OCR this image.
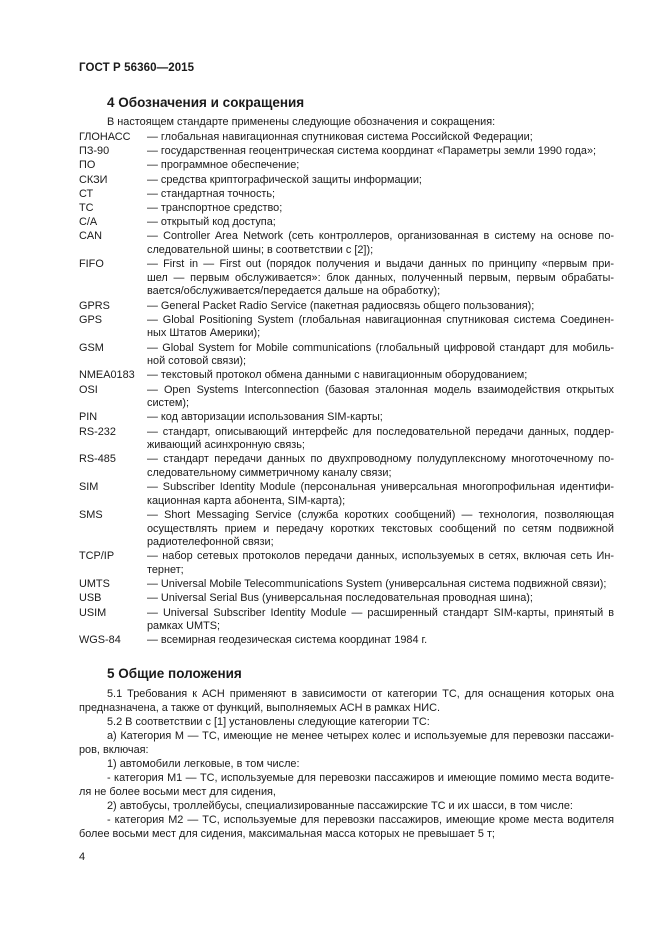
ГОСТ Р 56360—2015
4 Обозначения и сокращения
В настоящем стандарте применены следующие обозначения и сокращения:
ГЛОНАСС — глобальная навигационная спутниковая система Российской Федерации;
ПЗ-90	— государственная геоцентрическая система координат «Параметры земли 1990 года»;
ПО	— программное обеспечение;
СКЗИ	— средства криптографической защиты информации;
СТ	— стандартная точность;
ТС	— транспортное средство;
C/A	— открытый код доступа;
CAN	— Controller Area Network (сеть контроллеров, организованная в систему на основе по-
следовательной шины; в соответствии с [2]);
FIFO	— First in — First out (порядок получения и выдачи данных по принципу «первым при-
шел — первым обслуживается»: блок данных, полученный первым, первым обрабаты-
вается/обслуживается/передается дальше на обработку);
GPRS	— General Packet Radio Service (пакетная радиосвязь общего пользования);
GPS	— Global Positioning System (глобальная навигационная спутниковая система Соединен-
ных Штатов Америки);
GSM	— Global System for Mobile communications (глобальный цифровой стандарт для мобиль-
ной сотовой связи);
NMEA0183 — текстовый протокол обмена данными с навигационным оборудованием;
OSI	— Open Systems Interconnection (базовая эталонная модель взаимодействия открытых
систем);
PIN	— код авторизации использования SIM-карты;
RS-232	— стандарт, описывающий интерфейс для последовательной передачи данных, поддер-
живающий асинхронную связь;
RS-485	— стандарт передачи данных по двухпроводному полудуплексному многоточечному по-
следовательному симметричному каналу связи;
SIM	— Subscriber Identity Module (персональная универсальная многопрофильная идентифи-
кационная карта абонента, SIM-карта);
SMS	— Short Messaging Service (служба коротких сообщений) — технология, позволяющая
осуществлять прием и передачу коротких текстовых сообщений по сетям подвижной
радиотелефонной связи;
TCP/IP	— набор сетевых протоколов передачи данных, используемых в сетях, включая сеть Ин-
тернет;
UMTS	— Universal Mobile Telecommunications System (универсальная система подвижной связи);
USB	— Universal Serial Bus (универсальная последовательная проводная шина);
USIM	— Universal Subscriber Identity Module — расширенный стандарт SIM-карты, принятый в
рамках UMTS;
WGS-84 — всемирная геодезическая система координат 1984 г.
5 Общие положения
5.1 Требования к АСН применяют в зависимости от категории ТС, для оснащения которых она
предназначена, а также от функций, выполняемых АСН в рамках НИС.
5.2 В соответствии с [1] установлены следующие категории ТС:
а) Категория М — ТС, имеющие не менее четырех колес и используемые для перевозки пассажи-
ров, включая:
1) автомобили легковые, в том числе:
- категория М1 — ТС, используемые для перевозки пассажиров и имеющие помимо места водите-
ля не более восьми мест для сидения,
2) автобусы, троллейбусы, специализированные пассажирские ТС и их шасси, в том числе:
- категория М2 — ТС, используемые для перевозки пассажиров, имеющие кроме места водителя
более восьми мест для сидения, максимальная масса которых не превышает 5 т;
4
